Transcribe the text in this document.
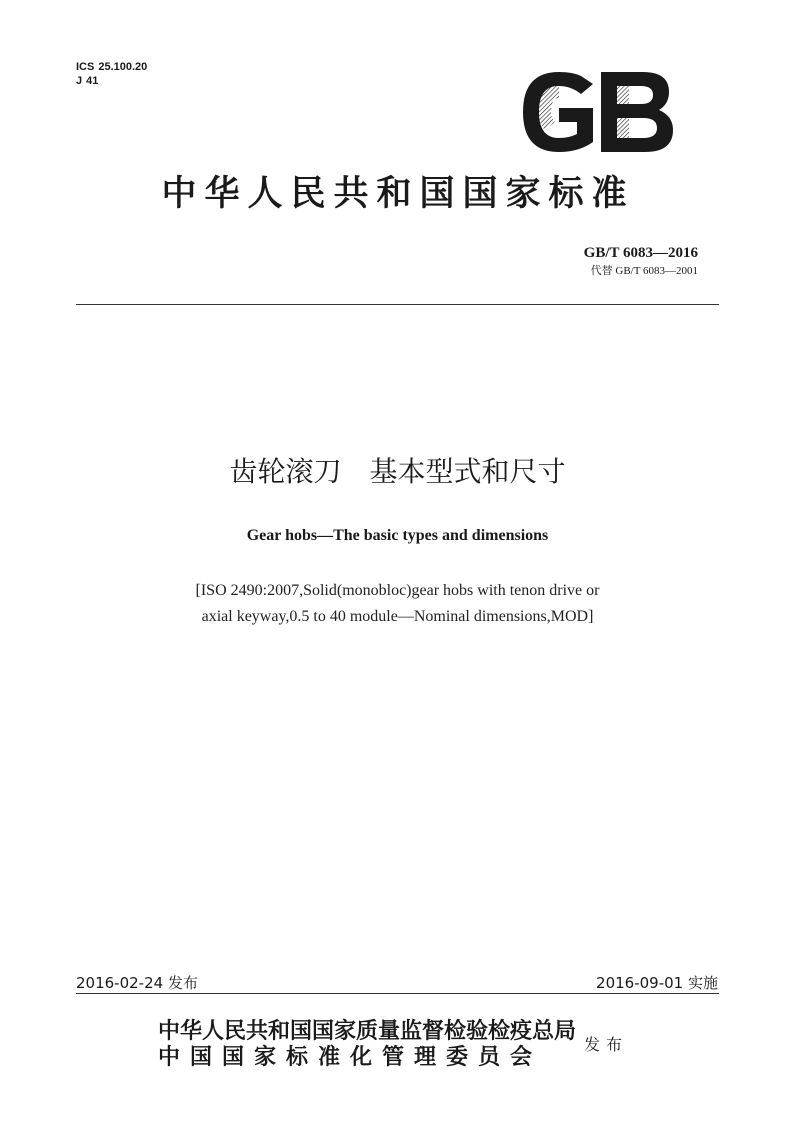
ICS 25.100.20
J 41
中华人民共和国国家标准
GB/T 6083—2016
代替 GB/T 6083—2001
齿轮滚刀　基本型式和尺寸
Gear hobs—The basic types and dimensions
[ISO 2490:2007,Solid(monobloc)gear hobs with tenon drive or
axial keyway,0.5 to 40 module—Nominal dimensions,MOD]
2016-02-24 发布	2016-09-01 实施
中华人民共和国国家质量监督检验检疫总局
中国国家标准化管理委员会	发布
